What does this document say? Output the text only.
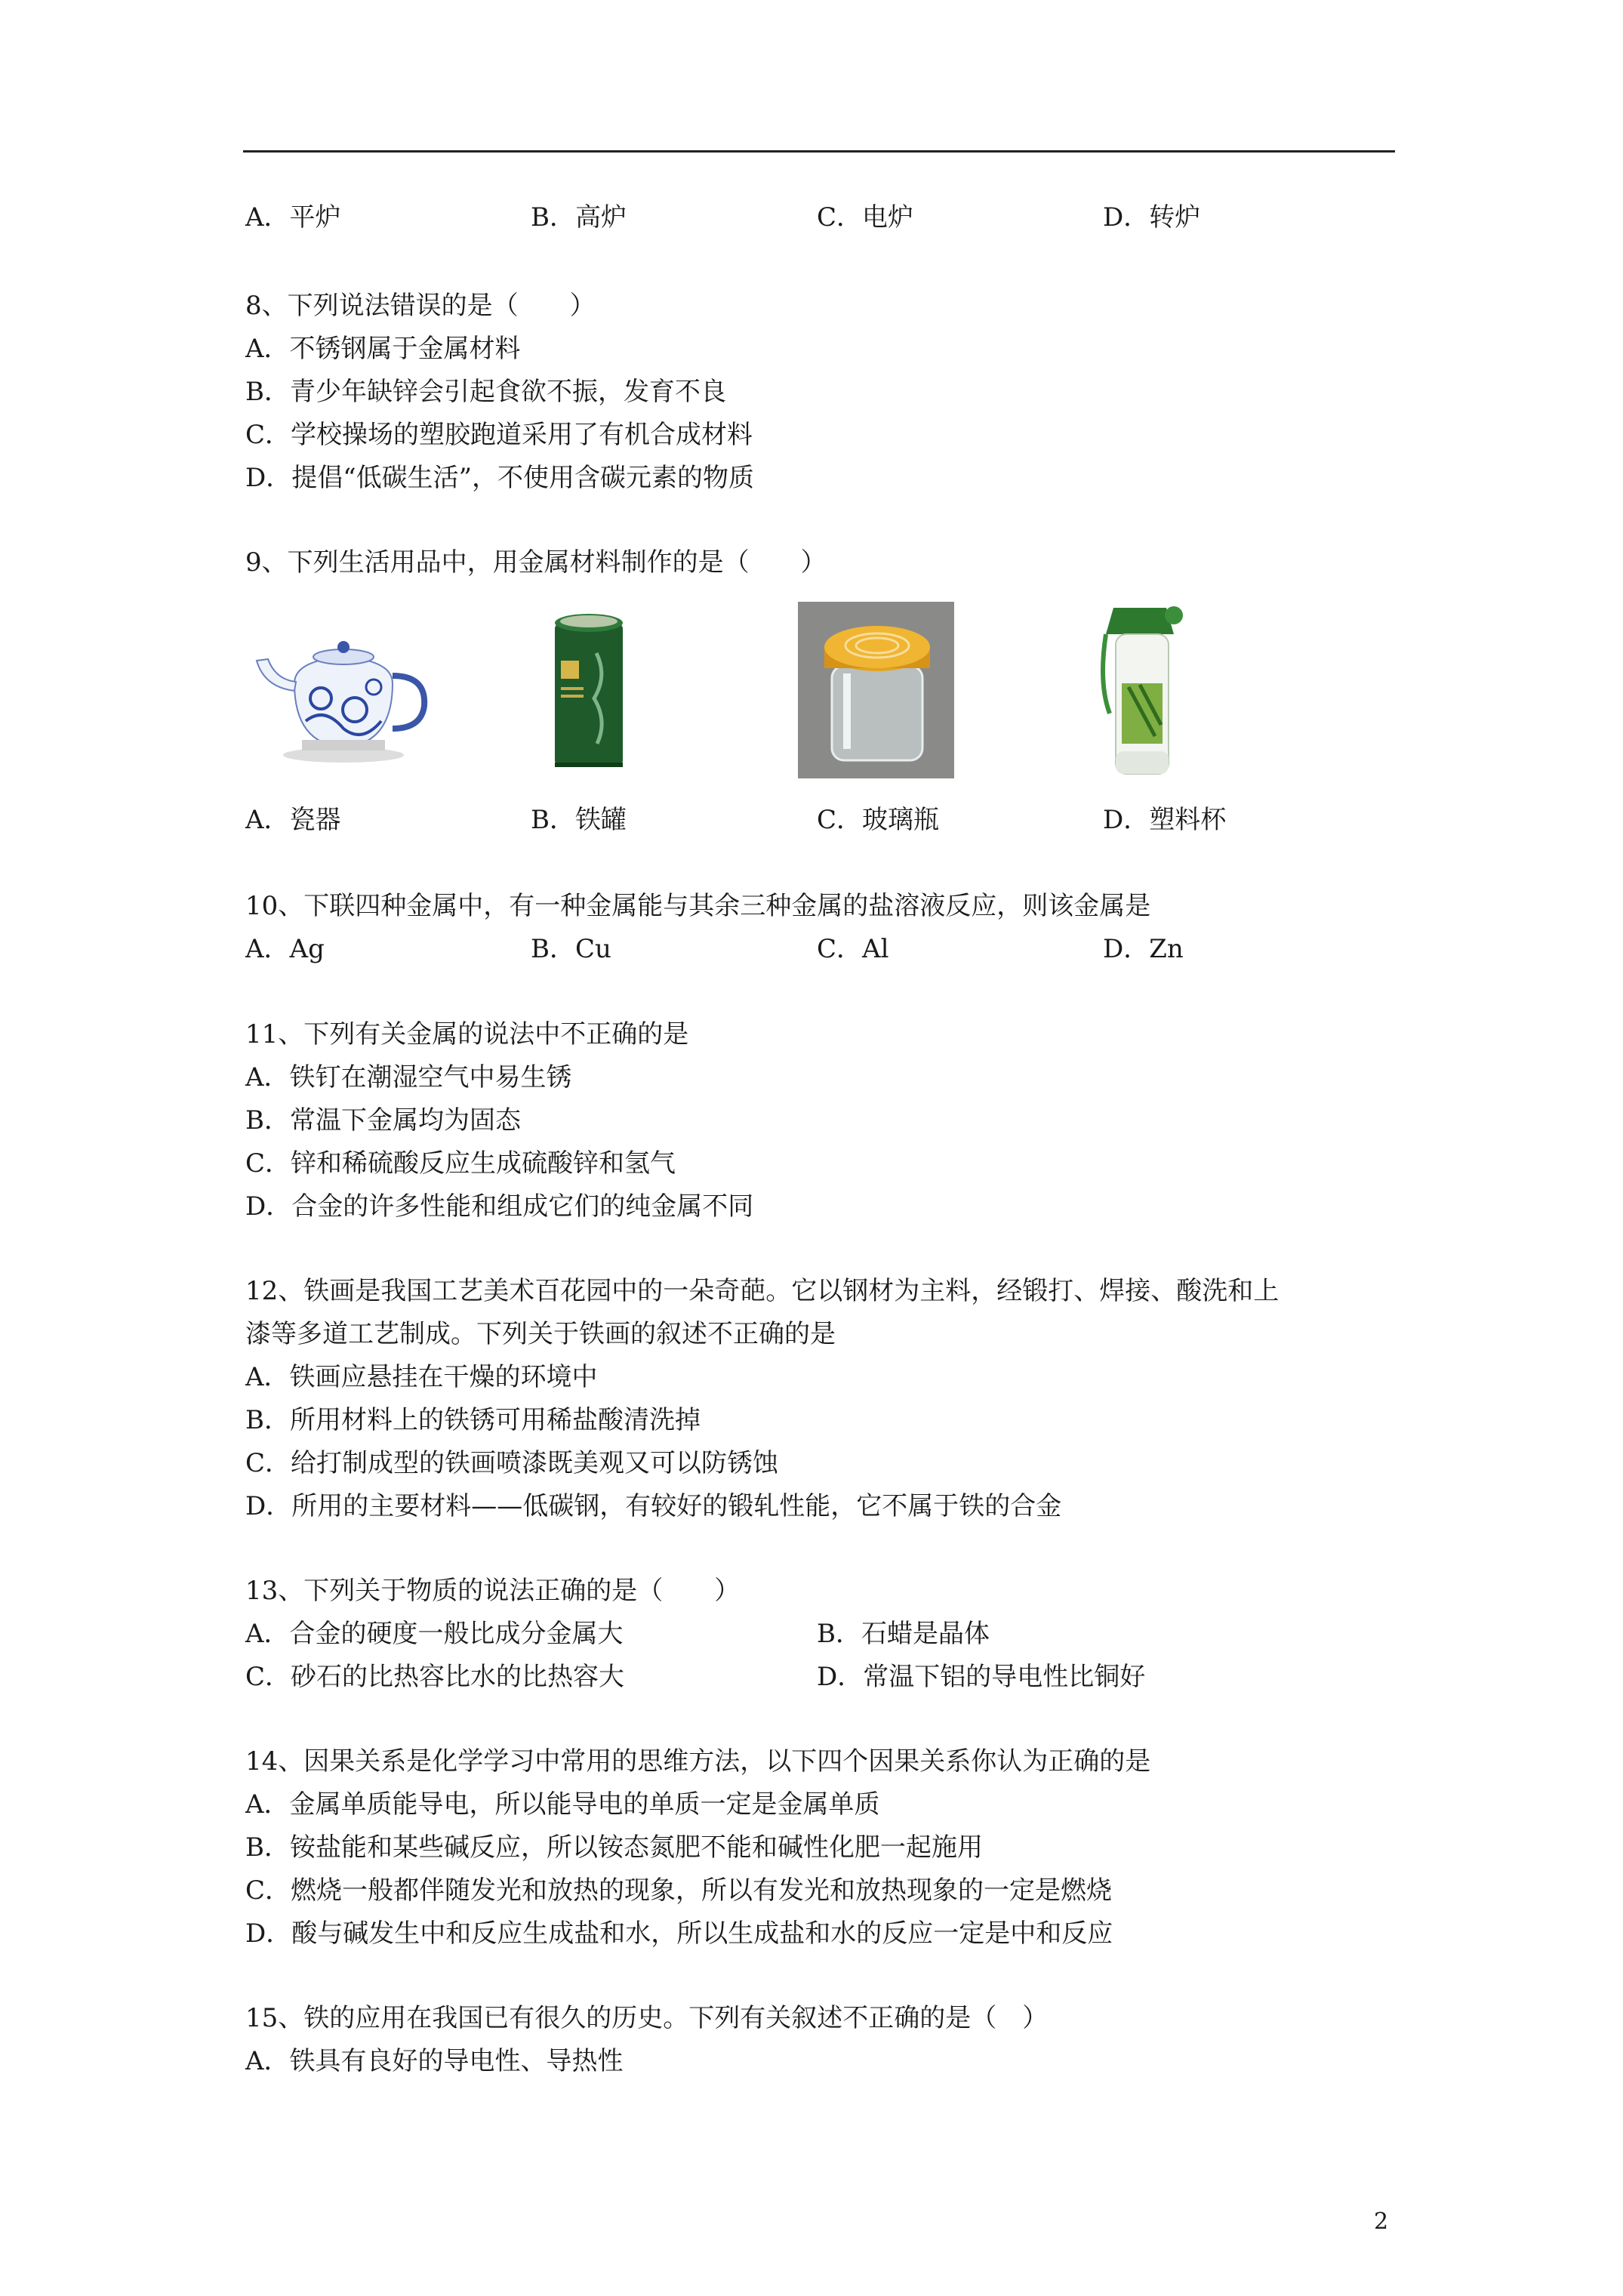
A．平炉	B．高炉	C．电炉	D．转炉
8、下列说法错误的是（　　）
A．不锈钢属于金属材料
B．青少年缺锌会引起食欲不振，发育不良
C．学校操场的塑胶跑道采用了有机合成材料
D．提倡“低碳生活”，不使用含碳元素的物质
9、下列生活用品中，用金属材料制作的是（　　）
A．瓷器	B．铁罐	C．玻璃瓶	D．塑料杯
10、下联四种金属中，有一种金属能与其余三种金属的盐溶液反应，则该金属是
A．Ag	B．Cu	C．Al	D．Zn
11、下列有关金属的说法中不正确的是
A．铁钉在潮湿空气中易生锈
B．常温下金属均为固态
C．锌和稀硫酸反应生成硫酸锌和氢气
D．合金的许多性能和组成它们的纯金属不同
12、铁画是我国工艺美术百花园中的一朵奇葩。它以钢材为主料，经锻打、焊接、酸洗和上
漆等多道工艺制成。下列关于铁画的叙述不正确的是
A．铁画应悬挂在干燥的环境中
B．所用材料上的铁锈可用稀盐酸清洗掉
C．给打制成型的铁画喷漆既美观又可以防锈蚀
D．所用的主要材料——低碳钢，有较好的锻轧性能，它不属于铁的合金
13、下列关于物质的说法正确的是（　　）
A．合金的硬度一般比成分金属大	B．石蜡是晶体
C．砂石的比热容比水的比热容大	D．常温下铝的导电性比铜好
14、因果关系是化学学习中常用的思维方法，以下四个因果关系你认为正确的是
A．金属单质能导电，所以能导电的单质一定是金属单质
B．铵盐能和某些碱反应，所以铵态氮肥不能和碱性化肥一起施用
C．燃烧一般都伴随发光和放热的现象，所以有发光和放热现象的一定是燃烧
D．酸与碱发生中和反应生成盐和水，所以生成盐和水的反应一定是中和反应
15、铁的应用在我国已有很久的历史。下列有关叙述不正确的是（　）
A．铁具有良好的导电性、导热性
2
